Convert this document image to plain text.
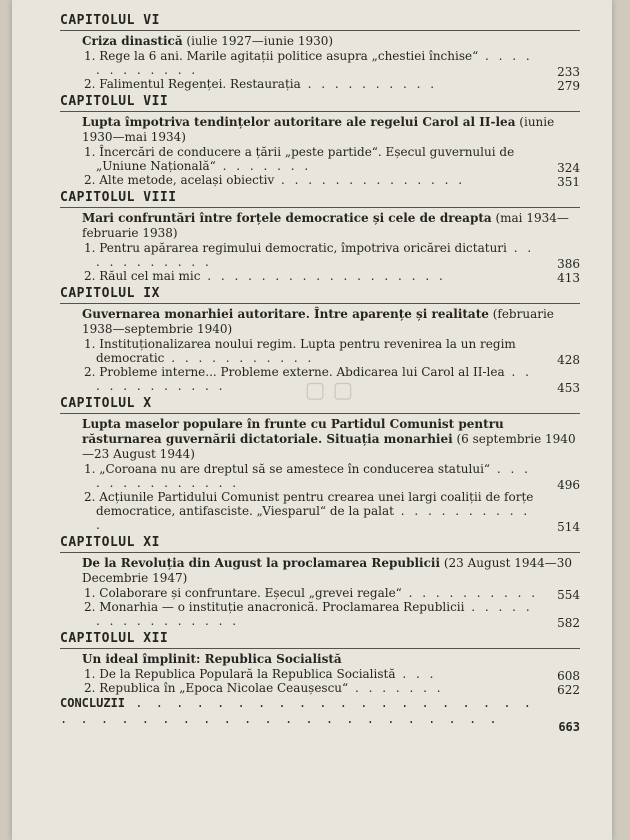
▢ ▢
CAPITOLUL VI
Criza dinastică (iulie 1927—iunie 1930)
1. Rege la 6 ani. Marile agitații politice asupra „chestiei închise“ . . . . . . . . . . . .	233
2. Falimentul Regenței. Restaurația . . . . . . . . . .	279
CAPITOLUL VII
Lupta împotriva tendințelor autoritare ale regelui Carol al II-lea (iunie 1930—mai 1934)
1. Încercări de conducere a țării „peste partide“. Eșecul guvernului de „Uniune Națională“ . . . . . . .	324
2. Alte metode, același obiectiv . . . . . . . . . . . . . .	351
CAPITOLUL VIII
Mari confruntări între forțele democratice și cele de dreapta (mai 1934—februarie 1938)
1. Pentru apărarea regimului democratic, împotriva oricărei dictaturi . . . . . . . . . . .	386
2. Răul cel mai mic . . . . . . . . . . . . . . . . . .	413
CAPITOLUL IX
Guvernarea monarhiei autoritare. Între aparențe și realitate (februarie 1938—septembrie 1940)
1. Instituționalizarea noului regim. Lupta pentru revenirea la un regim democratic . . . . . . . . . . .	428
2. Probleme interne... Probleme externe. Abdicarea lui Carol al II-lea . . . . . . . . . . . .	453
CAPITOLUL X
Lupta maselor populare în frunte cu Partidul Comunist pentru răsturnarea guvernării dictatoriale. Situația monarhiei (6 septembrie 1940—23 August 1944)
1. „Coroana nu are dreptul să se amestece în conducerea statului“ . . . . . . . . . . . . . .	496
2. Acțiunile Partidului Comunist pentru crearea unei largi coaliții de forțe democratice, antifasciste. „Viesparul“ de la palat . . . . . . . . . . .	514
CAPITOLUL XI
De la Revoluția din August la proclamarea Republicii (23 August 1944—30 Decembrie 1947)
1. Colaborare și confruntare. Eșecul „grevei regale“ . . . . . . . . . . 554
2. Monarhia — o instituție anacronică. Proclamarea Republicii . . . . . . . . . . . . . . . .	582
CAPITOLUL XII
Un ideal împlinit: Republica Socialistă
1. De la Republica Populară la Republica Socialistă . . .	608
2. Republica în „Epoca Nicolae Ceaușescu“ . . . . . . .	622
CONCLUZII . . . . . . . . . . . . . . . . . . . . . . . . . . . . . . . . . . . . . . . . . .
663
